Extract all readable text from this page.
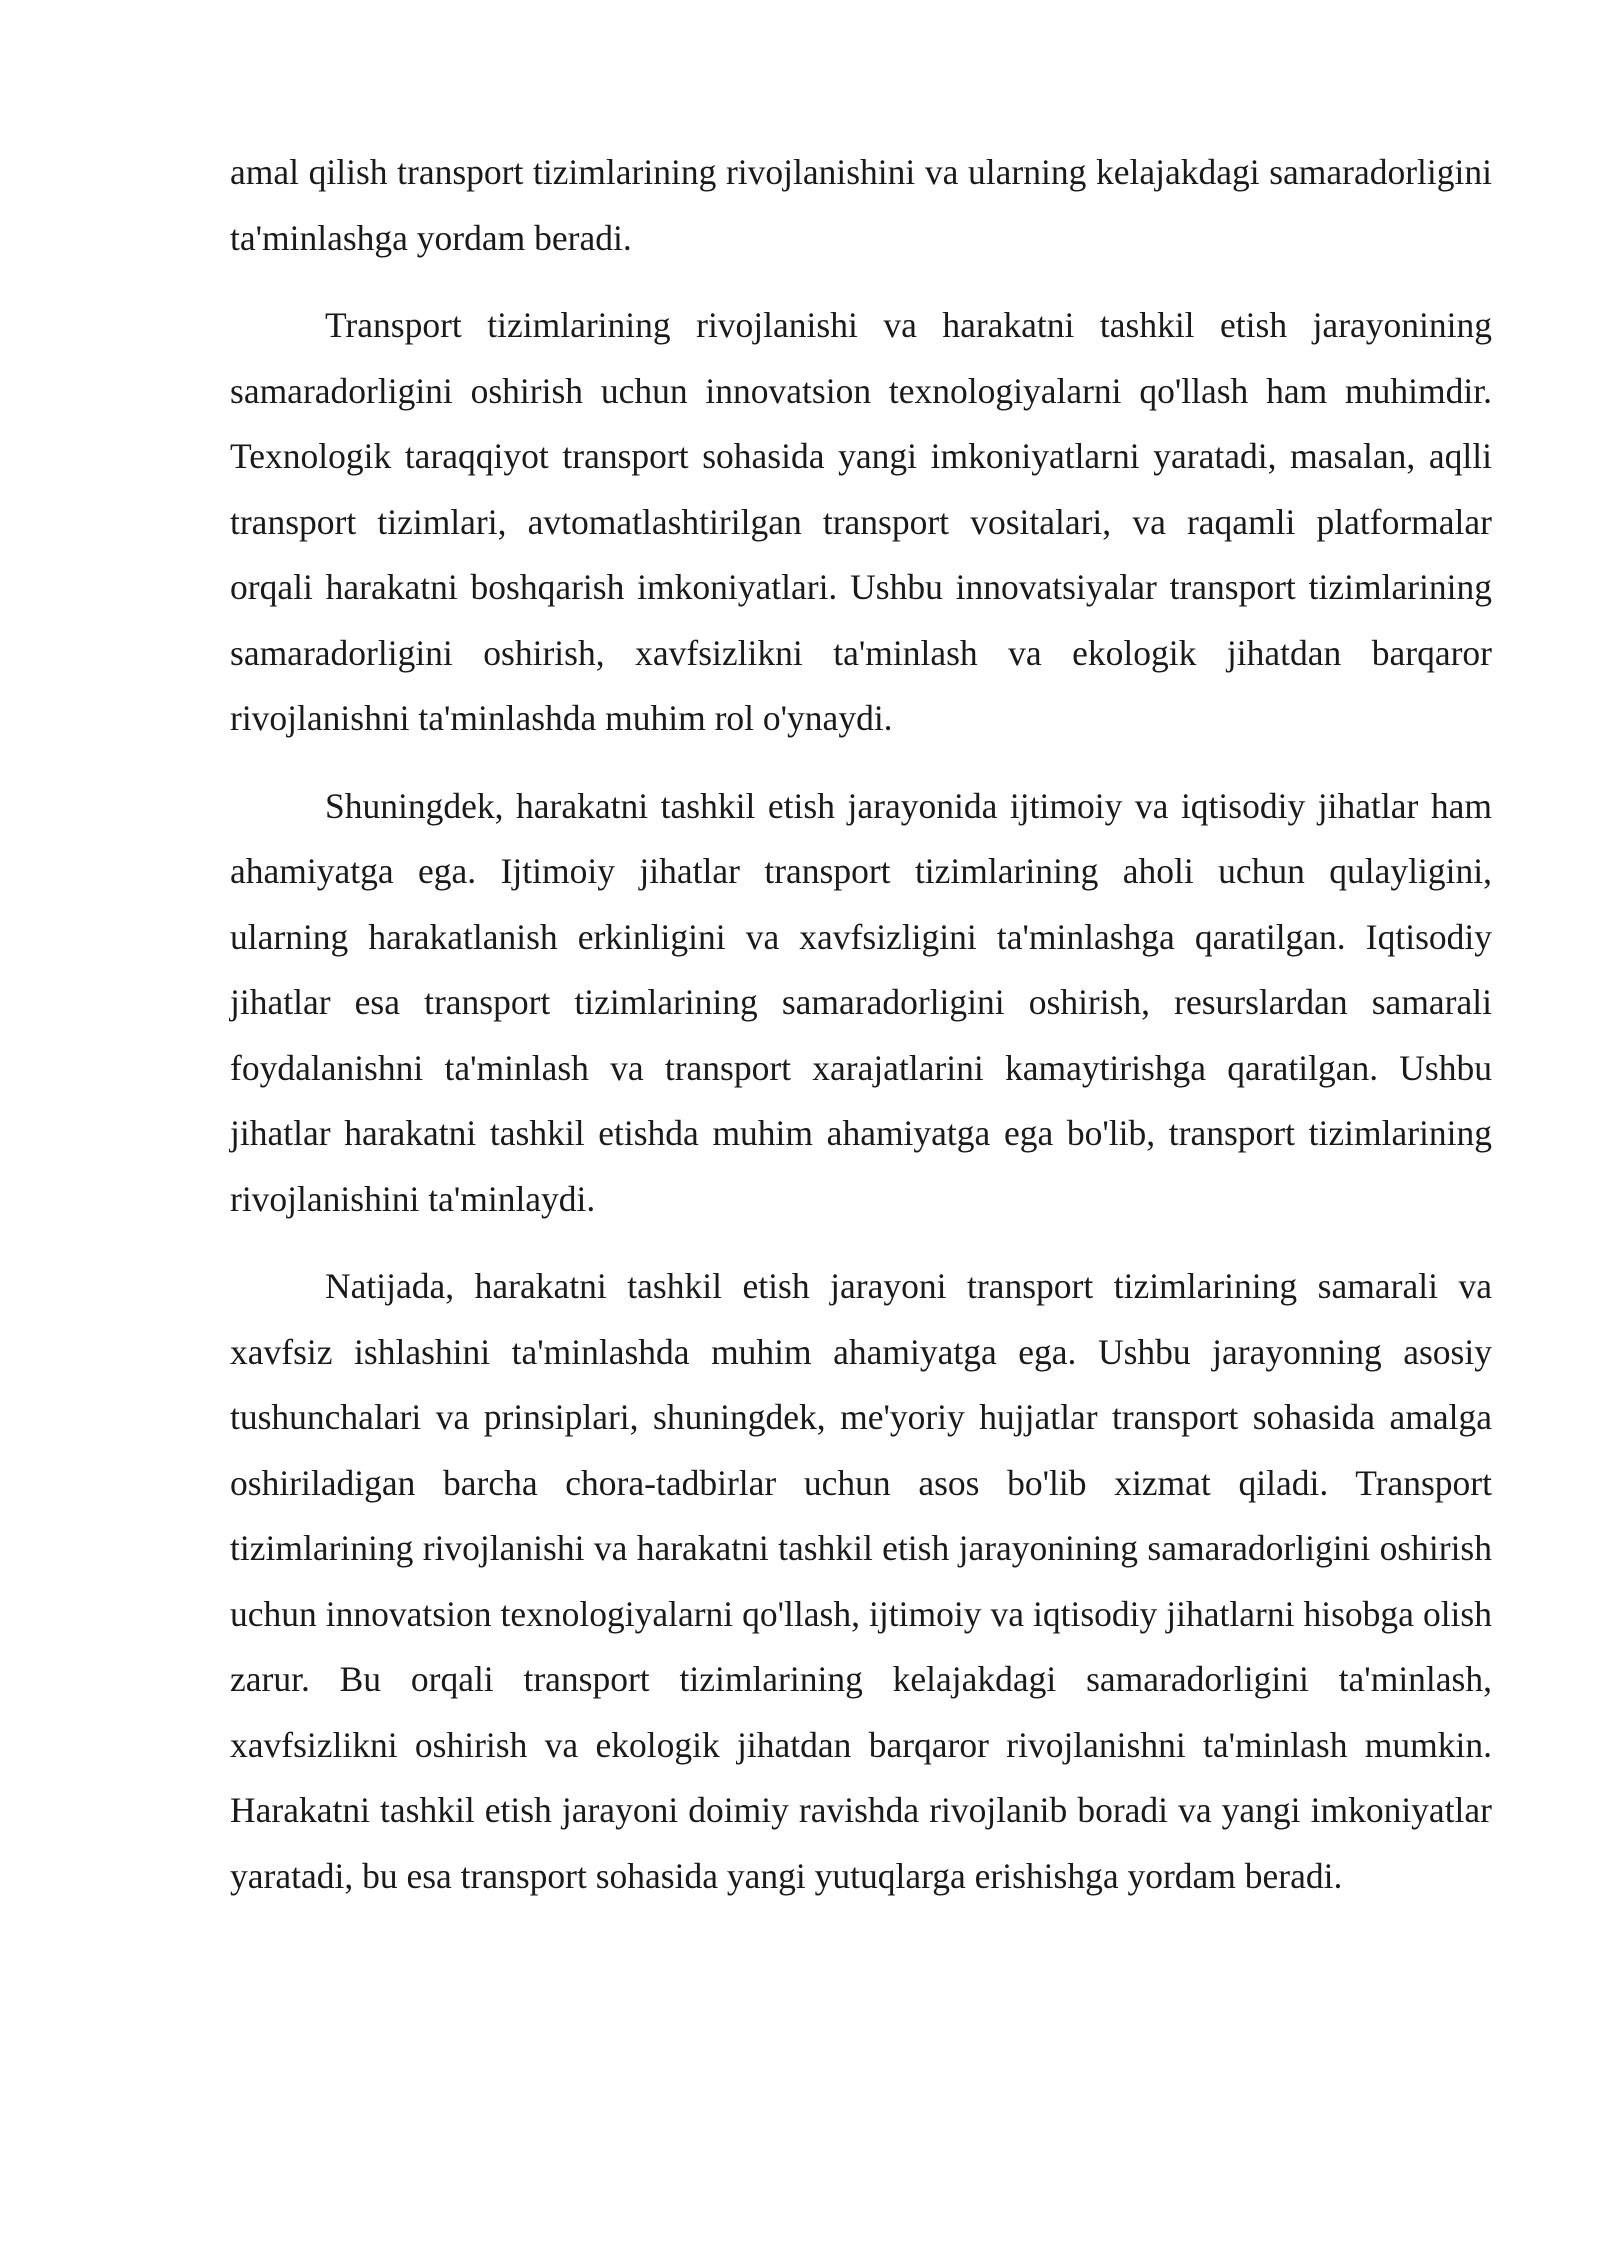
amal qilish transport tizimlarining rivojlanishini va ularning kelajakdagi samaradorligini ta'minlashga yordam beradi.

Transport tizimlarining rivojlanishi va harakatni tashkil etish jarayonining samaradorligini oshirish uchun innovatsion texnologiyalarni qo'llash ham muhimdir. Texnologik taraqqiyot transport sohasida yangi imkoniyatlarni yaratadi, masalan, aqlli transport tizimlari, avtomatlashtirilgan transport vositalari, va raqamli platformalar orqali harakatni boshqarish imkoniyatlari. Ushbu innovatsiyalar transport tizimlarining samaradorligini oshirish, xavfsizlikni ta'minlash va ekologik jihatdan barqaror rivojlanishni ta'minlashda muhim rol o'ynaydi.

Shuningdek, harakatni tashkil etish jarayonida ijtimoiy va iqtisodiy jihatlar ham ahamiyatga ega. Ijtimoiy jihatlar transport tizimlarining aholi uchun qulayligini, ularning harakatlanish erkinligini va xavfsizligini ta'minlashga qaratilgan. Iqtisodiy jihatlar esa transport tizimlarining samaradorligini oshirish, resurslardan samarali foydalanishni ta'minlash va transport xarajatlarini kamaytirishga qaratilgan. Ushbu jihatlar harakatni tashkil etishda muhim ahamiyatga ega bo'lib, transport tizimlarining rivojlanishini ta'minlaydi.

Natijada, harakatni tashkil etish jarayoni transport tizimlarining samarali va xavfsiz ishlashini ta'minlashda muhim ahamiyatga ega. Ushbu jarayonning asosiy tushunchalari va prinsiplari, shuningdek, me'yoriy hujjatlar transport sohasida amalga oshiriladigan barcha chora-tadbirlar uchun asos bo'lib xizmat qiladi. Transport tizimlarining rivojlanishi va harakatni tashkil etish jarayonining samaradorligini oshirish uchun innovatsion texnologiyalarni qo'llash, ijtimoiy va iqtisodiy jihatlarni hisobga olish zarur. Bu orqali transport tizimlarining kelajakdagi samaradorligini ta'minlash, xavfsizlikni oshirish va ekologik jihatdan barqaror rivojlanishni ta'minlash mumkin. Harakatni tashkil etish jarayoni doimiy ravishda rivojlanib boradi va yangi imkoniyatlar yaratadi, bu esa transport sohasida yangi yutuqlarga erishishga yordam beradi.
